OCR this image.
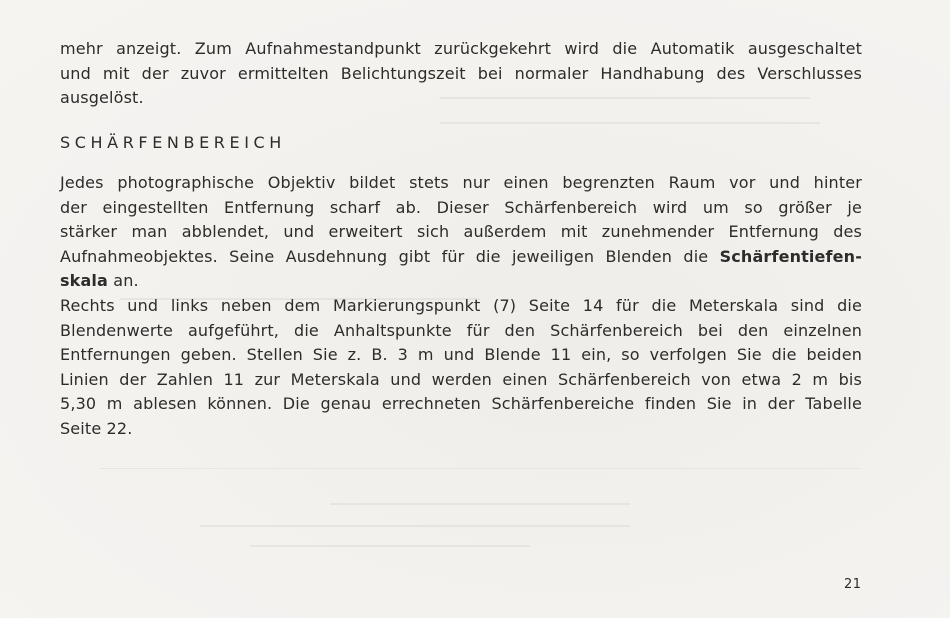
mehr anzeigt. Zum Aufnahmestandpunkt zurückgekehrt wird die Automatik ausgeschaltet
und mit der zuvor ermittelten Belichtungszeit bei normaler Handhabung des Verschlusses
ausgelöst.
SCHÄRFENBEREICH
Jedes photographische Objektiv bildet stets nur einen begrenzten Raum vor und hinter
der eingestellten Entfernung scharf ab. Dieser Schärfenbereich wird um so größer je
stärker man abblendet, und erweitert sich außerdem mit zunehmender Entfernung des
Aufnahmeobjektes. Seine Ausdehnung gibt für die jeweiligen Blenden die Schärfentiefen-
skala an.
Rechts und links neben dem Markierungspunkt (7) Seite 14 für die Meterskala sind die
Blendenwerte aufgeführt, die Anhaltspunkte für den Schärfenbereich bei den einzelnen
Entfernungen geben. Stellen Sie z. B. 3 m und Blende 11 ein, so verfolgen Sie die beiden
Linien der Zahlen 11 zur Meterskala und werden einen Schärfenbereich von etwa 2 m bis
5,30 m ablesen können. Die genau errechneten Schärfenbereiche finden Sie in der Tabelle
Seite 22.
21
